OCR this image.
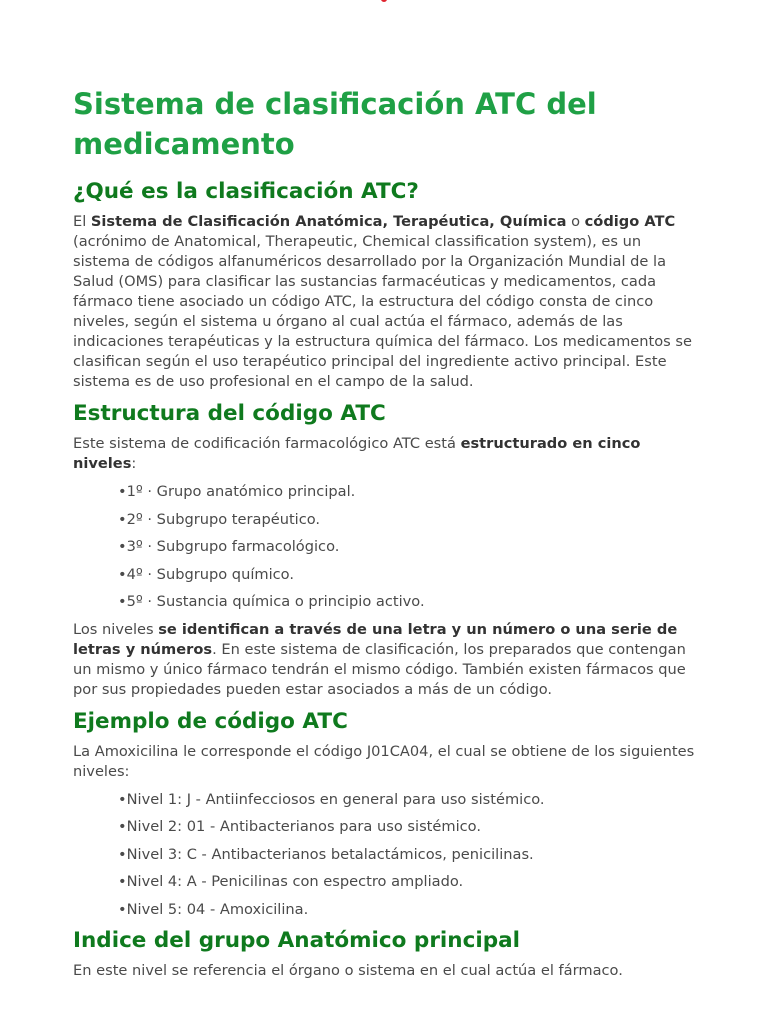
Sistema de clasificación ATC del medicamento
¿Qué es la clasificación ATC?

El Sistema de Clasificación Anatómica, Terapéutica, Química o código ATC (acrónimo de Anatomical, Therapeutic, Chemical classification system), es un sistema de códigos alfanuméricos desarrollado por la Organización Mundial de la Salud (OMS) para clasificar las sustancias farmacéuticas y medicamentos, cada fármaco tiene asociado un código ATC, la estructura del código consta de cinco niveles, según el sistema u órgano al cual actúa el fármaco, además de las indicaciones terapéuticas y la estructura química del fármaco. Los medicamentos se clasifican según el uso terapéutico principal del ingrediente activo principal. Este sistema es de uso profesional en el campo de la salud.

Estructura del código ATC

Este sistema de codificación farmacológico ATC está estructurado en cinco niveles:

•1º · Grupo anatómico principal.
•2º · Subgrupo terapéutico.
•3º · Subgrupo farmacológico.
•4º · Subgrupo químico.
•5º · Sustancia química o principio activo.

Los niveles se identifican a través de una letra y un número o una serie de letras y números. En este sistema de clasificación, los preparados que contengan un mismo y único fármaco tendrán el mismo código. También existen fármacos que por sus propiedades pueden estar asociados a más de un código.

Ejemplo de código ATC

La Amoxicilina le corresponde el código J01CA04, el cual se obtiene de los siguientes niveles:

•Nivel 1: J - Antiinfecciosos en general para uso sistémico.
•Nivel 2: 01 - Antibacterianos para uso sistémico.
•Nivel 3: C - Antibacterianos betalactámicos, penicilinas.
•Nivel 4: A - Penicilinas con espectro ampliado.
•Nivel 5: 04 - Amoxicilina.
Indice del grupo Anatómico principal

En este nivel se referencia el órgano o sistema en el cual actúa el fármaco.
